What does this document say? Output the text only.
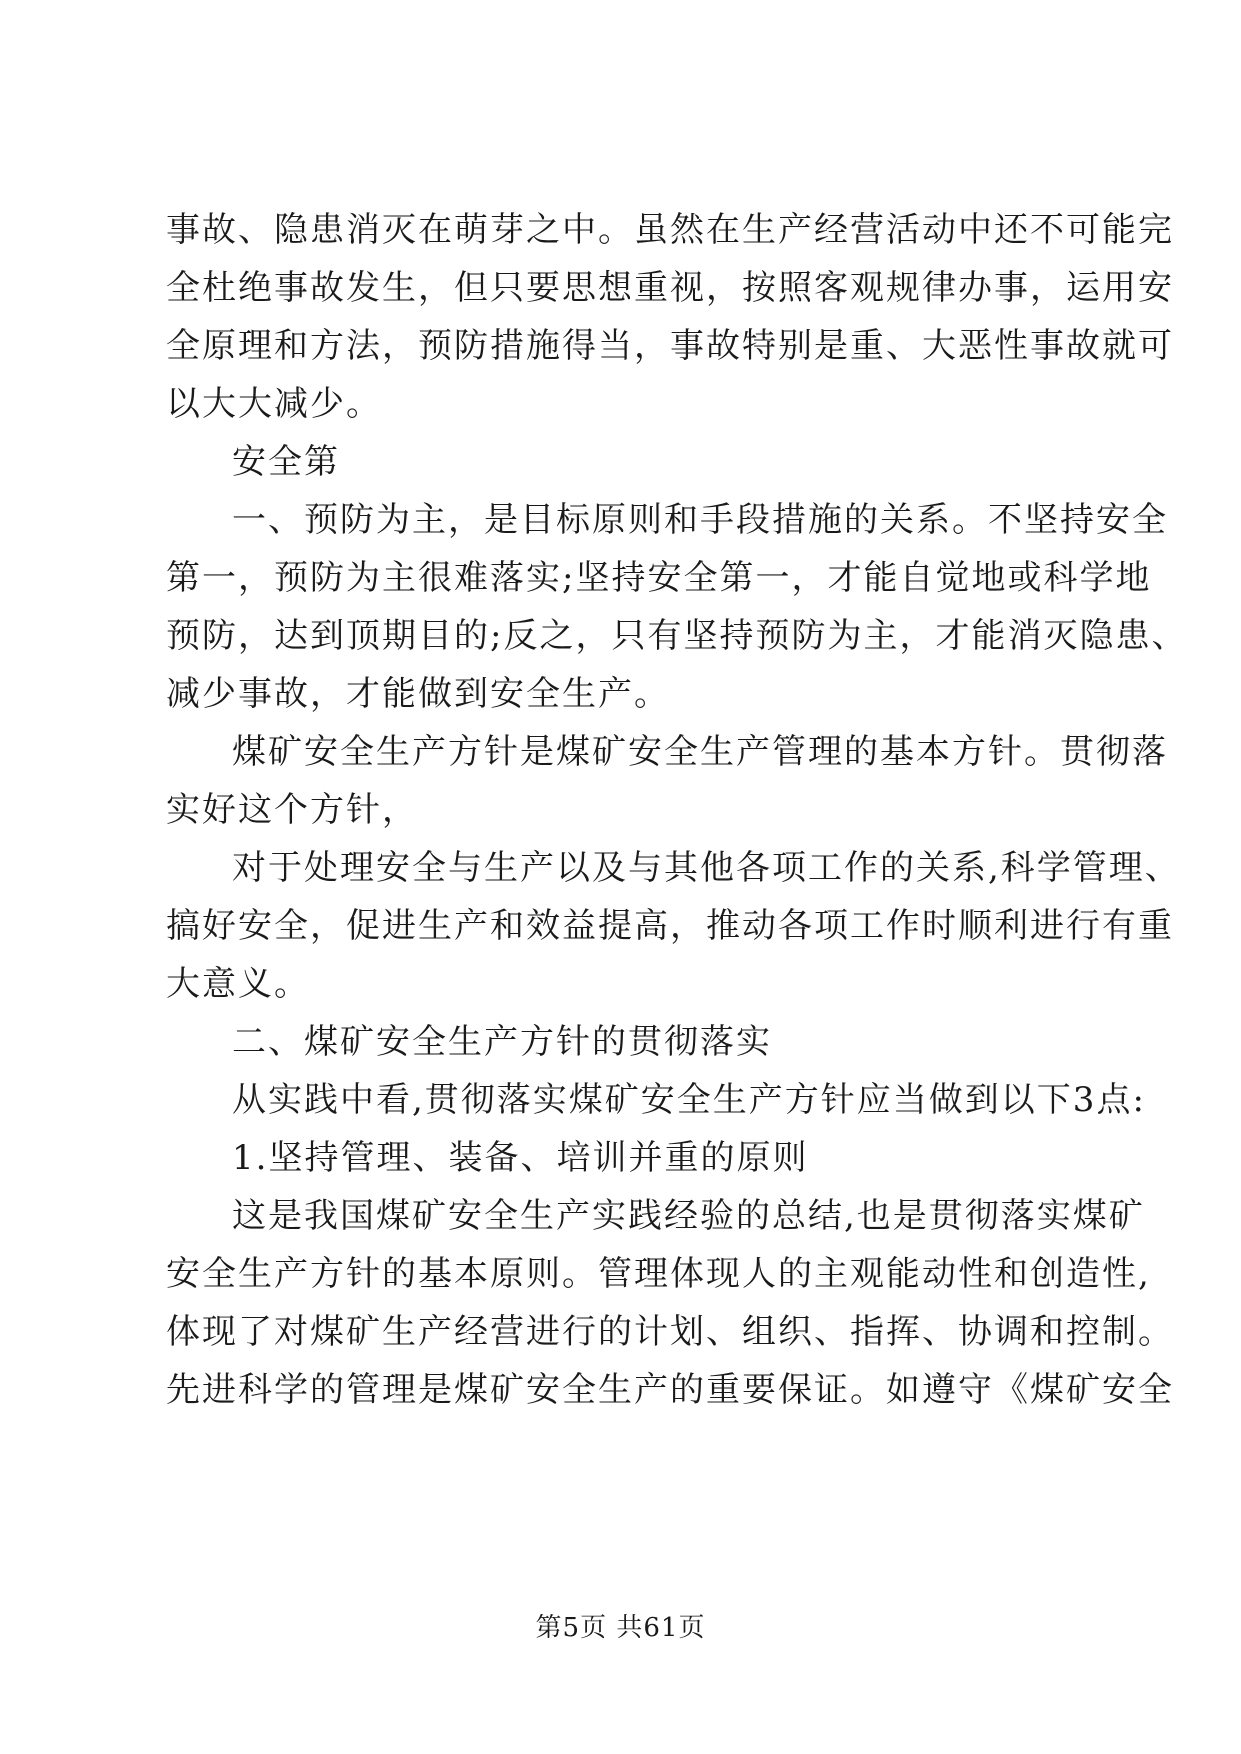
事故、隐患消灭在萌芽之中。虽然在生产经营活动中还不可能完
全杜绝事故发生，但只要思想重视，按照客观规律办事，运用安
全原理和方法，预防措施得当，事故特别是重、大恶性事故就可
以大大减少。
安全第
一、预防为主，是目标原则和手段措施的关系。不坚持安全
第一，预防为主很难落实;坚持安全第一，才能自觉地或科学地
预防，达到顶期目的;反之，只有坚持预防为主，才能消灭隐患、
减少事故，才能做到安全生产。
煤矿安全生产方针是煤矿安全生产管理的基本方针。贯彻落
实好这个方针，
对于处理安全与生产以及与其他各项工作的关系,科学管理、
搞好安全，促进生产和效益提高，推动各项工作时顺利进行有重
大意义。
二、煤矿安全生产方针的贯彻落实
从实践中看,贯彻落实煤矿安全生产方针应当做到以下3点:
1.坚持管理、装备、培训并重的原则
这是我国煤矿安全生产实践经验的总结,也是贯彻落实煤矿
安全生产方针的基本原则。管理体现人的主观能动性和创造性,
体现了对煤矿生产经营进行的计划、组织、指挥、协调和控制。
先进科学的管理是煤矿安全生产的重要保证。如遵守《煤矿安全
第5页 共61页
